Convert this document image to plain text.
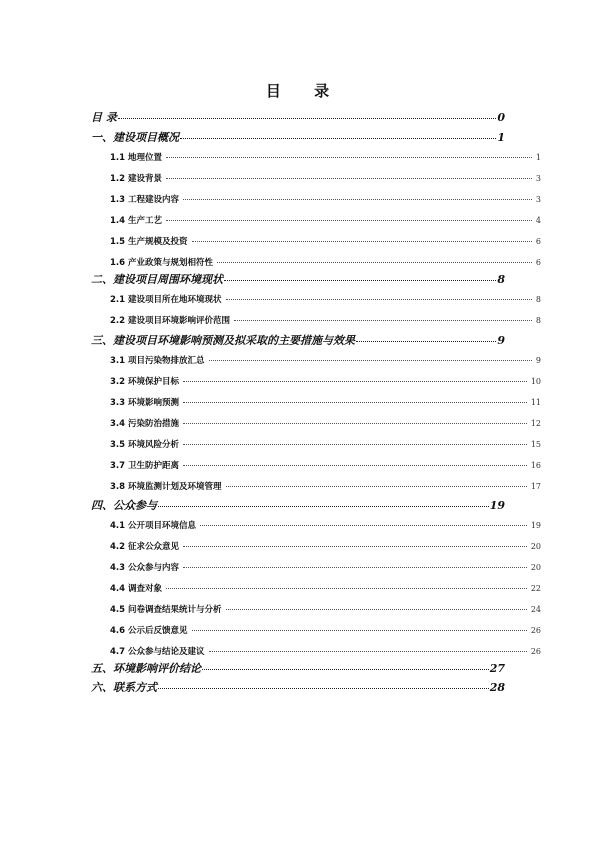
目 录
目 录	0
一、建设项目概况	1
1.1 地理位置	1
1.2 建设背景	3
1.3 工程建设内容	3
1.4 生产工艺	4
1.5 生产规模及投资	6
1.6 产业政策与规划相符性	6
二、建设项目周围环境现状	8
2.1 建设项目所在地环境现状	8
2.2 建设项目环境影响评价范围	8
三、建设项目环境影响预测及拟采取的主要措施与效果	9
3.1 项目污染物排放汇总	9
3.2 环境保护目标	10
3.3 环境影响预测	11
3.4 污染防治措施	12
3.5 环境风险分析	15
3.7 卫生防护距离	16
3.8 环境监测计划及环境管理	17
四、公众参与	19
4.1 公开项目环境信息	19
4.2 征求公众意见	20
4.3 公众参与内容	20
4.4 调查对象	22
4.5 问卷调查结果统计与分析	24
4.6 公示后反馈意见	26
4.7 公众参与结论及建议	26
五、环境影响评价结论	27
六、联系方式	28
